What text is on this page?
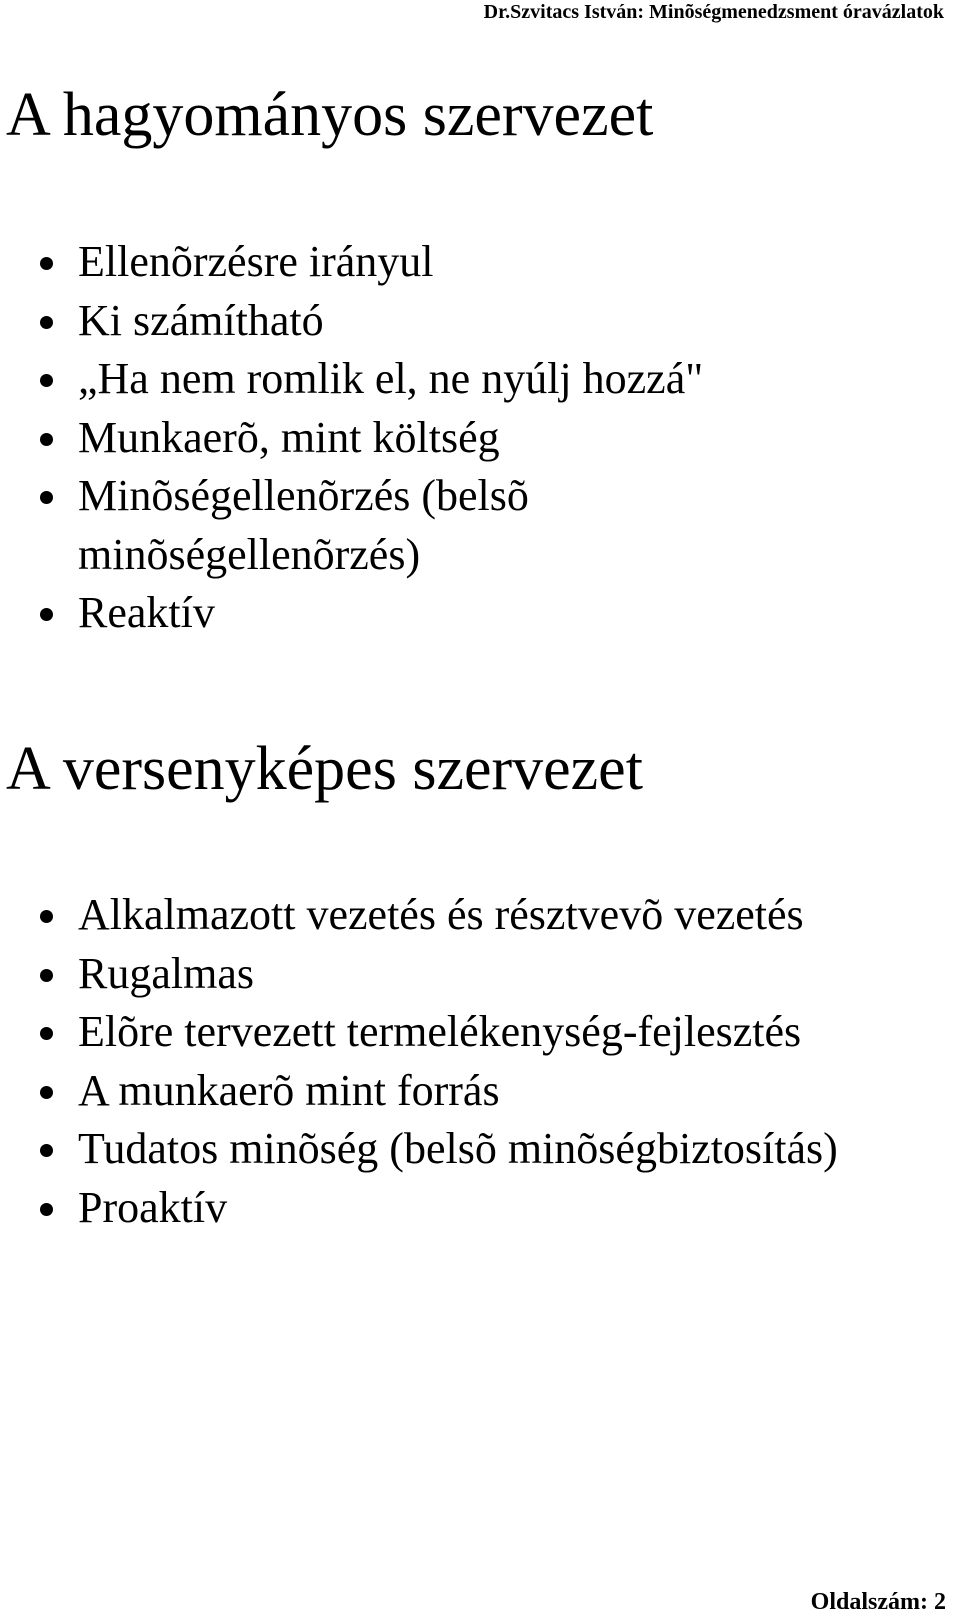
Dr.Szvitacs István: Minõségmenedzsment óravázlatok
A hagyományos szervezet
Ellenõrzésre irányul
Ki számítható
„Ha nem romlik el, ne nyúlj hozzá"
Munkaerõ, mint költség
Minõségellenõrzés (belsõ
minõségellenõrzés)
Reaktív
A versenyképes szervezet
Alkalmazott vezetés és résztvevõ vezetés
Rugalmas
Elõre tervezett termelékenység-fejlesztés
A munkaerõ mint forrás
Tudatos minõség (belsõ minõségbiztosítás)
Proaktív
Oldalszám: 2
